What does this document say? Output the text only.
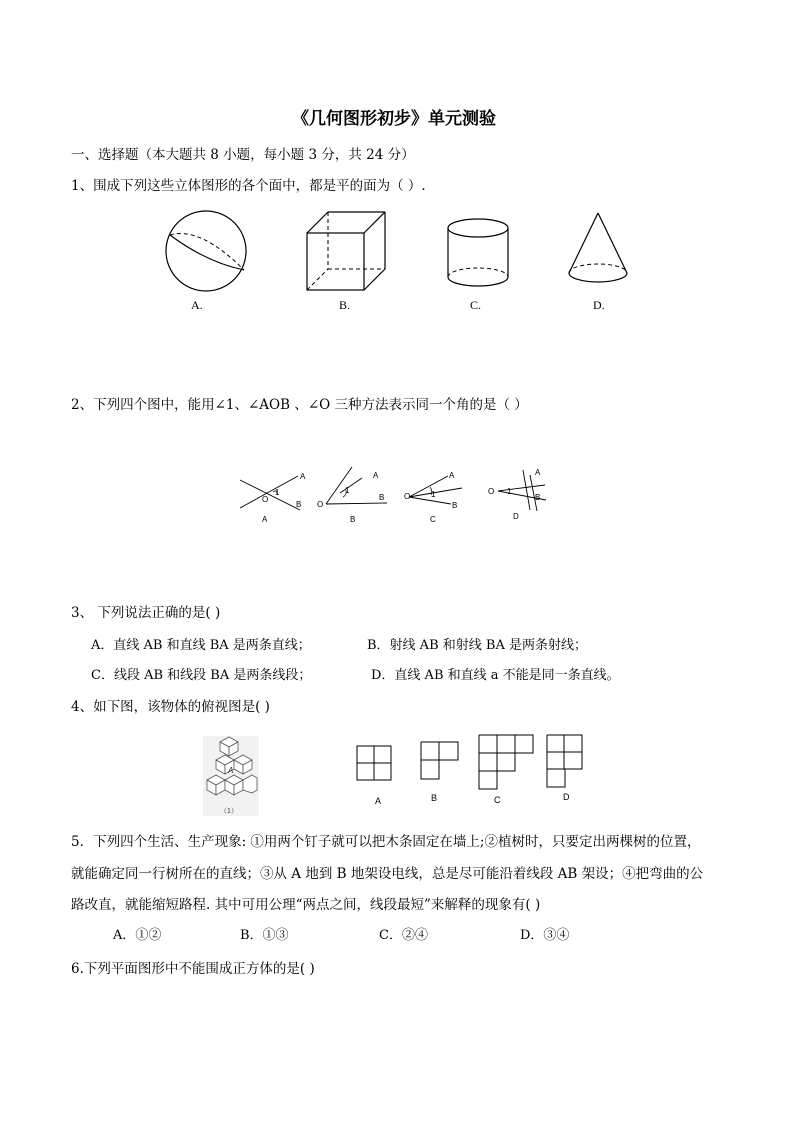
《几何图形初步》单元测验
一、选择题（本大题共 8 小题，每小题 3 分，共 24 分）
1、围成下列这些立体图形的各个面中，都是平的面为（ ）.
A.	B.	C.	D.
2、下列四个图中，能用∠1、∠AOB 、∠O 三种方法表示同一个角的是（ ）
A
B
O
1
A
A
B
O
1
B
A
B
O	1
C
A
B
O 1
D
3、 下列说法正确的是( )
A．直线 AB 和直线 BA 是两条直线；	B．射线 AB 和射线 BA 是两条射线；
C．线段 AB 和线段 BA 是两条线段；	D．直线 AB 和直线 a 不能是同一条直线。
4、如下图，该物体的俯视图是( )
A
（1）
A	B	C	D
5．下列四个生活、生产现象: ①用两个钉子就可以把木条固定在墙上;②植树时，只要定出两棵树的位置，
就能确定同一行树所在的直线；③从 A 地到 B 地架设电线，总是尽可能沿着线段 AB 架设；④把弯曲的公
路改直，就能缩短路程. 其中可用公理“两点之间，线段最短”来解释的现象有( )
A．①②	B．①③	C．②④	D．③④
6.下列平面图形中不能围成正方体的是( )
